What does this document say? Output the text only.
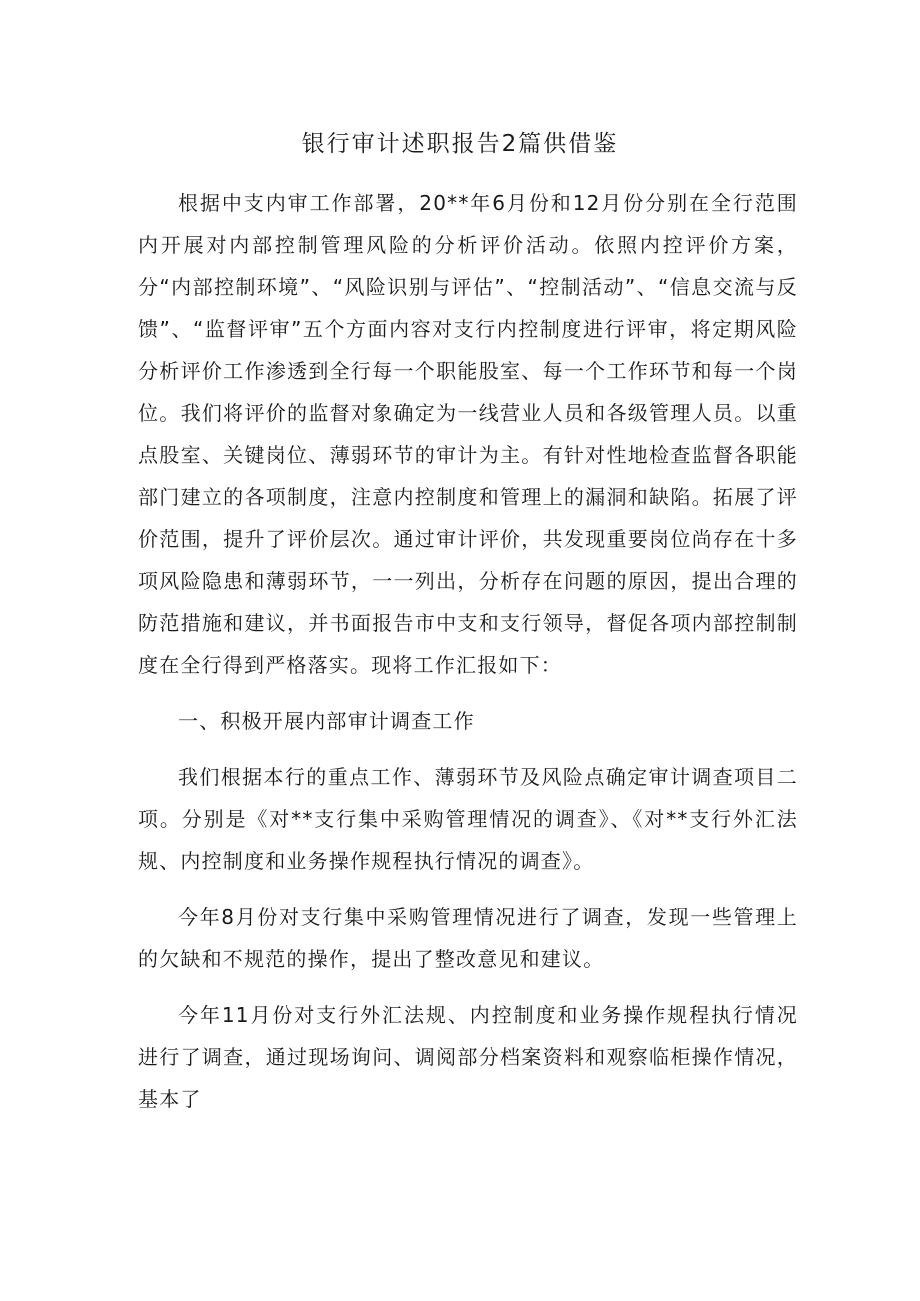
银行审计述职报告2篇供借鉴

根据中支内审工作部署，20**年6月份和12月份分别在全行范围内开展对内部控制管理风险的分析评价活动。依照内控评价方案，分“内部控制环境”、“风险识别与评估”、“控制活动”、“信息交流与反馈”、“监督评审”五个方面内容对支行内控制度进行评审，将定期风险分析评价工作渗透到全行每一个职能股室、每一个工作环节和每一个岗位。我们将评价的监督对象确定为一线营业人员和各级管理人员。以重点股室、关键岗位、薄弱环节的审计为主。有针对性地检查监督各职能部门建立的各项制度，注意内控制度和管理上的漏洞和缺陷。拓展了评价范围，提升了评价层次。通过审计评价，共发现重要岗位尚存在十多项风险隐患和薄弱环节，一一列出，分析存在问题的原因，提出合理的防范措施和建议，并书面报告市中支和支行领导，督促各项内部控制制度在全行得到严格落实。现将工作汇报如下：

一、积极开展内部审计调查工作

我们根据本行的重点工作、薄弱环节及风险点确定审计调查项目二项。分别是《对**支行集中采购管理情况的调查》、《对**支行外汇法规、内控制度和业务操作规程执行情况的调查》。

今年8月份对支行集中采购管理情况进行了调查，发现一些管理上的欠缺和不规范的操作，提出了整改意见和建议。

今年11月份对支行外汇法规、内控制度和业务操作规程执行情况进行了调查，通过现场询问、调阅部分档案资料和观察临柜操作情况，基本了
